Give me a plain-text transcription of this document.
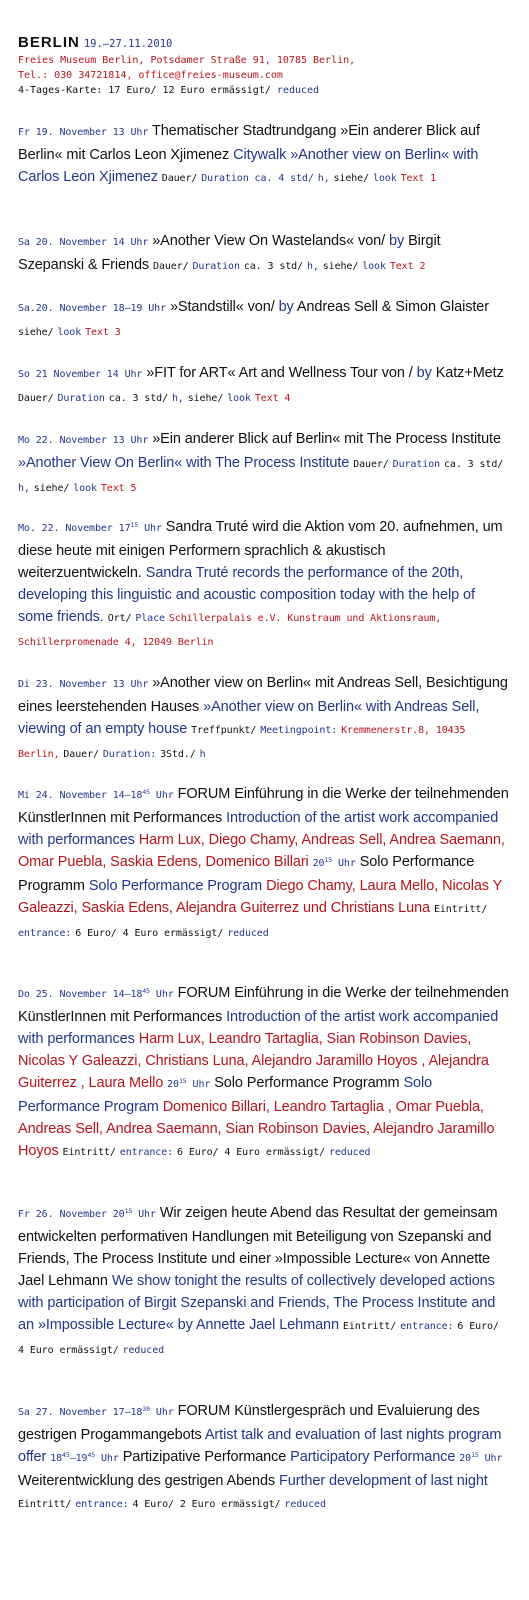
BERLIN 19.–27.11.2010
Freies Museum Berlin, Potsdamer Straße 91, 10785 Berlin,
Tel.: 030 34721814, office@freies-museum.com
4-Tages-Karte: 17 Euro/ 12 Euro ermässigt/ reduced
Fr 19. November 13 Uhr Thematischer Stadtrundgang »Ein anderer Blick auf Berlin« mit Carlos Leon Xjimenez Citywalk »Another view on Berlin« with Carlos Leon Xjimenez Dauer/ Duration ca. 4 std/ h, siehe/ look Text 1
Sa 20. November 14 Uhr »Another View On Wastelands« von/ by Birgit Szepanski & Friends Dauer/ Duration ca. 3 std/ h, siehe/ look Text 2
Sa.20. November 18–19 Uhr »Standstill« von/ by Andreas Sell & Simon Glaister siehe/ look Text 3
So 21 November 14 Uhr »FIT for ART« Art and Wellness Tour von / by Katz+Metz Dauer/ Duration ca. 3 std/ h, siehe/ look Text 4
Mo 22. November 13 Uhr »Ein anderer Blick auf Berlin« mit The Process Institute »Another View On Berlin« with The Process Institute Dauer/ Duration ca. 3 std/ h, siehe/ look Text 5
Mo. 22. November $17^{15}$ Uhr Sandra Truté wird die Aktion vom 20. aufnehmen, um diese heute mit einigen Performern sprachlich & akustisch weiterzuentwickeln. Sandra Truté records the performance of the 20th, developing this linguistic and acoustic composition today with the help of some friends. Ort/ Place Schillerpalais e.V. Kunstraum und Aktionsraum, Schillerpromenade 4, 12049 Berlin
Di 23. November 13 Uhr »Another view on Berlin« mit Andreas Sell, Besichtigung eines leerstehenden Hauses »Another view on Berlin« with Andreas Sell, viewing of an empty house Treffpunkt/ Meetingpoint: Kremmenerstr.8, 10435 Berlin, Dauer/ Duration: 3Std./ h
Mi 24. November $14-18^{45}$ Uhr FORUM Einführung in die Werke der teilnehmenden KünstlerInnen mit Performances Introduction of the artist work accompanied with performances Harm Lux, Diego Chamy, Andreas Sell, Andrea Saemann, Omar Puebla, Saskia Edens, Domenico Billari $20^{15}$ Uhr Solo Performance Programm Solo Performance Program Diego Chamy, Laura Mello, Nicolas Y Galeazzi, Saskia Edens, Alejandra Guiterrez und Christians Luna Eintritt/ entrance: 6 Euro/ 4 Euro ermässigt/ reduced
Do 25. November $14-18^{45}$ Uhr FORUM Einführung in die Werke der teilnehmenden KünstlerInnen mit Performances Introduction of the artist work accompanied with performances Harm Lux, Leandro Tartaglia, Sian Robinson Davies, Nicolas Y Galeazzi, Christians Luna, Alejandro Jaramillo Hoyos , Alejandra Guiterrez , Laura Mello $20^{15}$ Uhr Solo Performance Programm Solo Performance Program Domenico Billari, Leandro Tartaglia , Omar Puebla, Andreas Sell, Andrea Saemann, Sian Robinson Davies, Alejandro Jaramillo Hoyos Eintritt/ entrance: 6 Euro/ 4 Euro ermässigt/ reduced
Fr 26. November $20^{15}$ Uhr Wir zeigen heute Abend das Resultat der gemeinsam entwickelten performativen Handlungen mit Beteiligung von Szepanski and Friends, The Process Institute und einer »Impossible Lecture« von Annette Jael Lehmann We show tonight the results of collectively developed actions with participation of Birgit Szepanski and Friends, The Process Institute and an »Impossible Lecture« by Annette Jael Lehmann Eintritt/ entrance: 6 Euro/ 4 Euro ermässigt/ reduced
Sa 27. November $17-18^{30}$ Uhr FORUM Künstlergespräch und Evaluierung des gestrigen Progammangebots Artist talk and evaluation of last nights program offer $18^{45}-19^{45}$ Uhr Partizipative Performance Participatory Performance $20^{15}$ Uhr Weiterentwicklung des gestrigen Abends Further development of last night Eintritt/ entrance: 4 Euro/ 2 Euro ermässigt/ reduced
